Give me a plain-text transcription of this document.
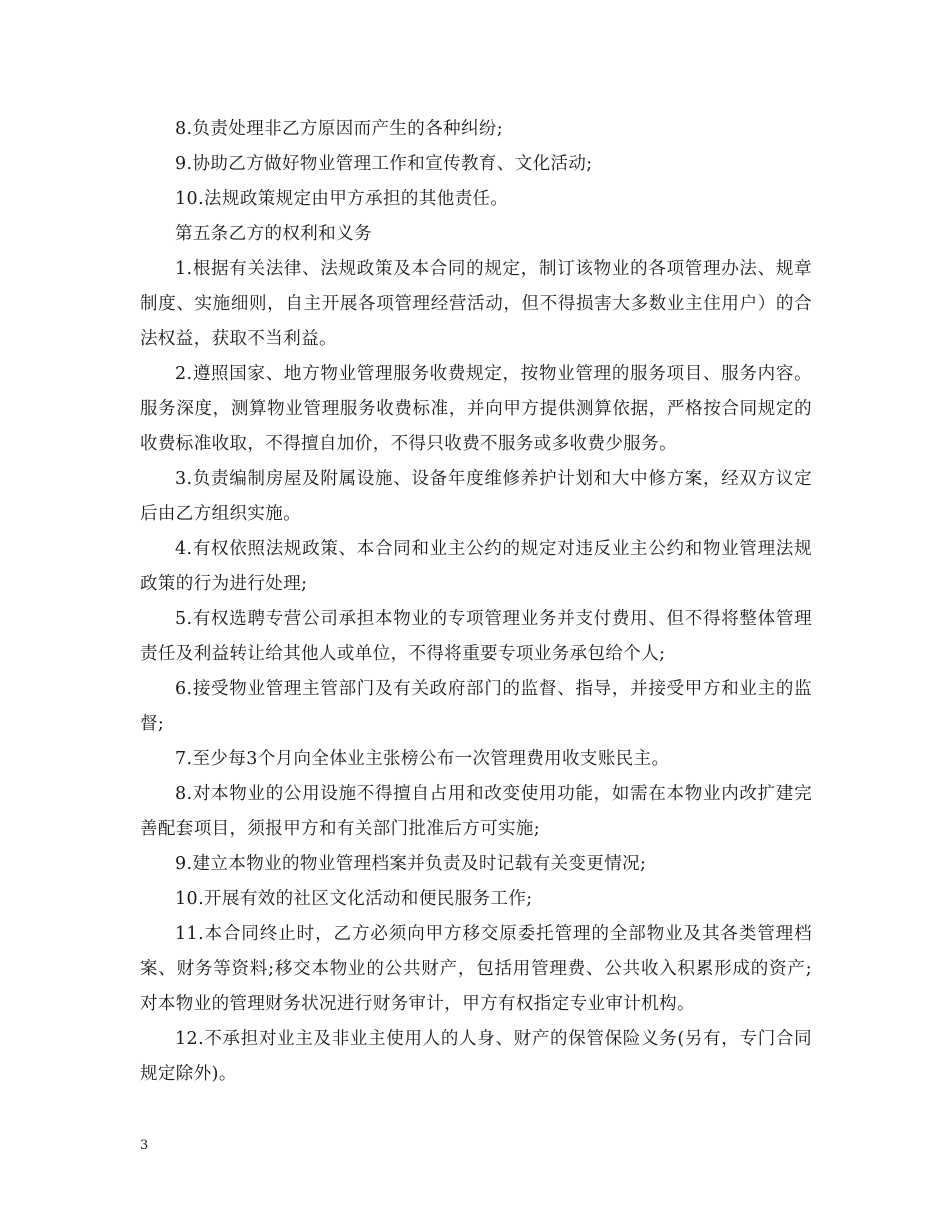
8.负责处理非乙方原因而产生的各种纠纷;

9.协助乙方做好物业管理工作和宣传教育、文化活动;

10.法规政策规定由甲方承担的其他责任。

第五条乙方的权利和义务

1.根据有关法律、法规政策及本合同的规定，制订该物业的各项管理办法、规章制度、实施细则，自主开展各项管理经营活动，但不得损害大多数业主住用户）的合法权益，获取不当利益。

2.遵照国家、地方物业管理服务收费规定，按物业管理的服务项目、服务内容。服务深度，测算物业管理服务收费标准，并向甲方提供测算依据，严格按合同规定的收费标准收取，不得擅自加价，不得只收费不服务或多收费少服务。

3.负责编制房屋及附属设施、设备年度维修养护计划和大中修方案，经双方议定后由乙方组织实施。

4.有权依照法规政策、本合同和业主公约的规定对违反业主公约和物业管理法规政策的行为进行处理;

5.有权选聘专营公司承担本物业的专项管理业务并支付费用、但不得将整体管理责任及利益转让给其他人或单位，不得将重要专项业务承包给个人;

6.接受物业管理主管部门及有关政府部门的监督、指导，并接受甲方和业主的监督;

7.至少每3个月向全体业主张榜公布一次管理费用收支账民主。

8.对本物业的公用设施不得擅自占用和改变使用功能，如需在本物业内改扩建完善配套项目，须报甲方和有关部门批准后方可实施;

9.建立本物业的物业管理档案并负责及时记载有关变更情况;

10.开展有效的社区文化活动和便民服务工作;

11.本合同终止时，乙方必须向甲方移交原委托管理的全部物业及其各类管理档案、财务等资料;移交本物业的公共财产，包括用管理费、公共收入积累形成的资产;对本物业的管理财务状况进行财务审计，甲方有权指定专业审计机构。

12.不承担对业主及非业主使用人的人身、财产的保管保险义务(另有，专门合同规定除外)。

3
